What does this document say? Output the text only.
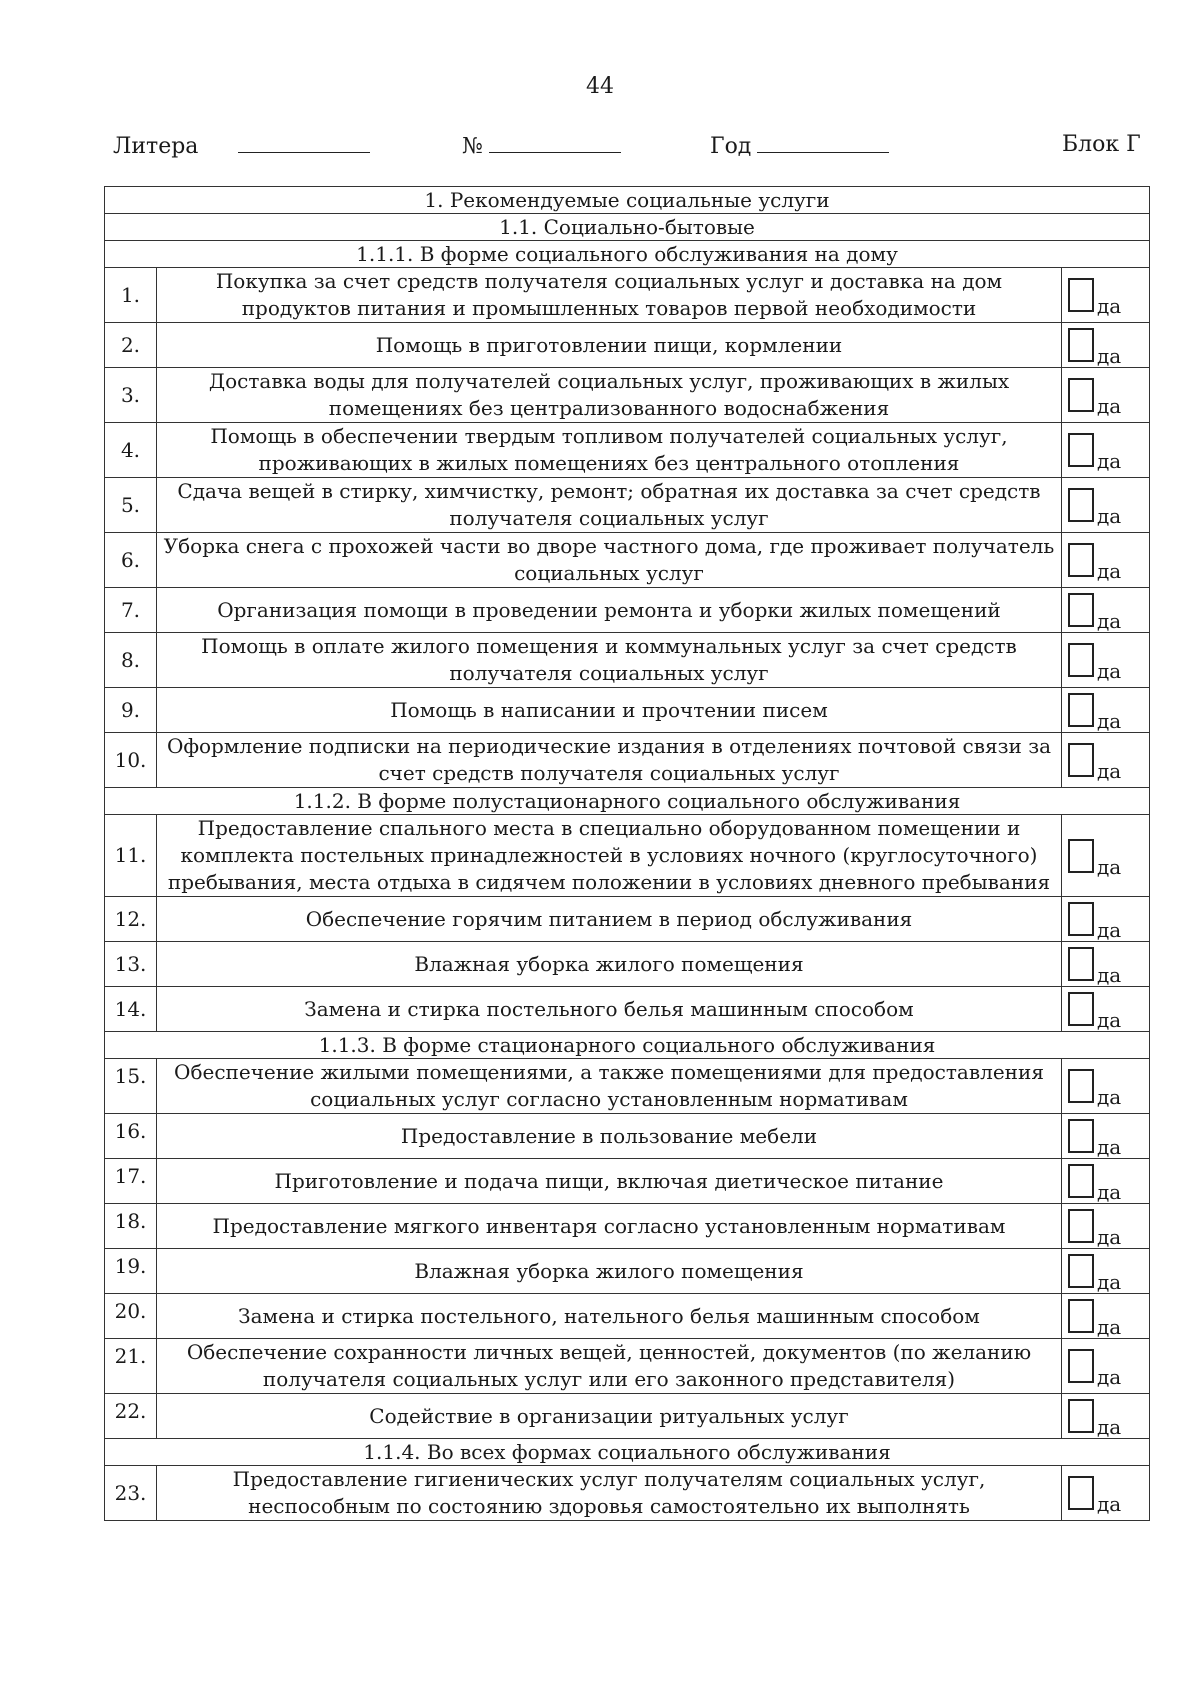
44
Литера	№	Год	Блок Г
1. Рекомендуемые социальные услуги		
1.1. Социально-бытовые		
1.1.1. В форме социального обслуживания на дому		
1.	Покупка за счет средств получателя социальных услуг и доставка на дом продуктов питания и промышленных товаров первой необходимости	да
2.	Помощь в приготовлении пищи, кормлении	да
3.	Доставка воды для получателей социальных услуг, проживающих в жилых помещениях без централизованного водоснабжения	да
4.	Помощь в обеспечении твердым топливом получателей социальных услуг, проживающих в жилых помещениях без центрального отопления	да
5.	Сдача вещей в стирку, химчистку, ремонт; обратная их доставка за счет средств получателя социальных услуг	да
6.	Уборка снега с прохожей части во дворе частного дома, где проживает получатель социальных услуг	да
7.	Организация помощи в проведении ремонта и уборки жилых помещений	да
8.	Помощь в оплате жилого помещения и коммунальных услуг за счет средств получателя социальных услуг	да
9.	Помощь в написании и прочтении писем	да
10.	Оформление подписки на периодические издания в отделениях почтовой связи за счет средств получателя социальных услуг	да
1.1.2. В форме полустационарного социального обслуживания		
11.	Предоставление спального места в специально оборудованном помещении и комплекта постельных принадлежностей в условиях ночного (круглосуточного) пребывания, места отдыха в сидячем положении в условиях дневного пребывания	да
12.	Обеспечение горячим питанием в период обслуживания	да
13.	Влажная уборка жилого помещения	да
14.	Замена и стирка постельного белья машинным способом	да
1.1.3. В форме стационарного социального обслуживания		
15.	Обеспечение жилыми помещениями, а также помещениями для предоставления социальных услуг согласно установленным нормативам	да
16.	Предоставление в пользование мебели	да
17.	Приготовление и подача пищи, включая диетическое питание	да
18.	Предоставление мягкого инвентаря согласно установленным нормативам	да
19.	Влажная уборка жилого помещения	да
20.	Замена и стирка постельного, нательного белья машинным способом	да
21.	Обеспечение сохранности личных вещей, ценностей, документов (по желанию получателя социальных услуг или его законного представителя)	да
22.	Содействие в организации ритуальных услуг	да
1.1.4. Во всех формах социального обслуживания		
23.	Предоставление гигиенических услуг получателям социальных услуг, неспособным по состоянию здоровья самостоятельно их выполнять	да
